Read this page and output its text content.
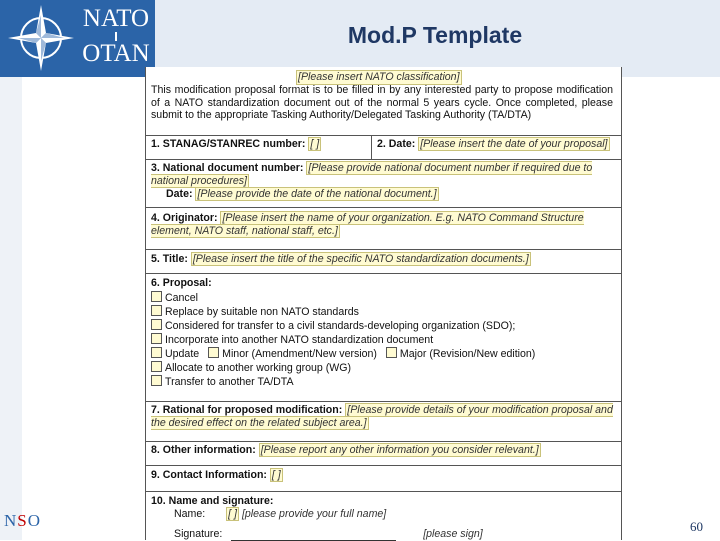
NATO
OTAN
Mod.P Template
NSO	60
[Please insert NATO classification]
This modification proposal format is to be filled in by any interested party to propose modification of a NATO standardization document out of the normal 5 years cycle. Once completed, please submit to the appropriate Tasking Authority/Delegated Tasking Authority (TA/DTA)
1. STANAG/STANREC number: [ ]	2. Date: [Please insert the date of your proposal]
3. National document number: [Please provide national document number if required due to national procedures]
Date: [Please provide the date of the national document.]
4. Originator: [Please insert the name of your organization. E.g. NATO Command Structure element, NATO staff, national staff, etc.]
5. Title: [Please insert the title of the specific NATO standardization documents.]
6. Proposal:
Cancel
Replace by suitable non NATO standards
Considered for transfer to a civil standards-developing organization (SDO);
Incorporate into another NATO standardization document
Update Minor (Amendment/New version) Major (Revision/New edition)
Allocate to another working group (WG)
Transfer to another TA/DTA
7. Rational for proposed modification: [Please provide details of your modification proposal and the desired effect on the related subject area.]
8. Other information: [Please report any other information you consider relevant.]
9. Contact Information: [ ]
10. Name and signature:
Name: [ ] [please provide your full name]
Signature:	[please sign]
